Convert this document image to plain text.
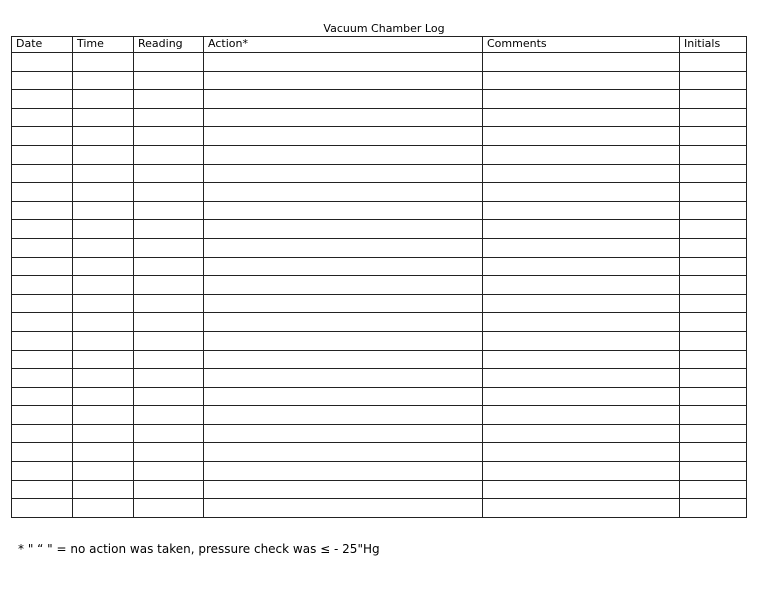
Vacuum Chamber Log
Date	Time	Reading	Action*	Comments	Initials

* " “ " = no action was taken, pressure check was ≤ - 25"Hg
